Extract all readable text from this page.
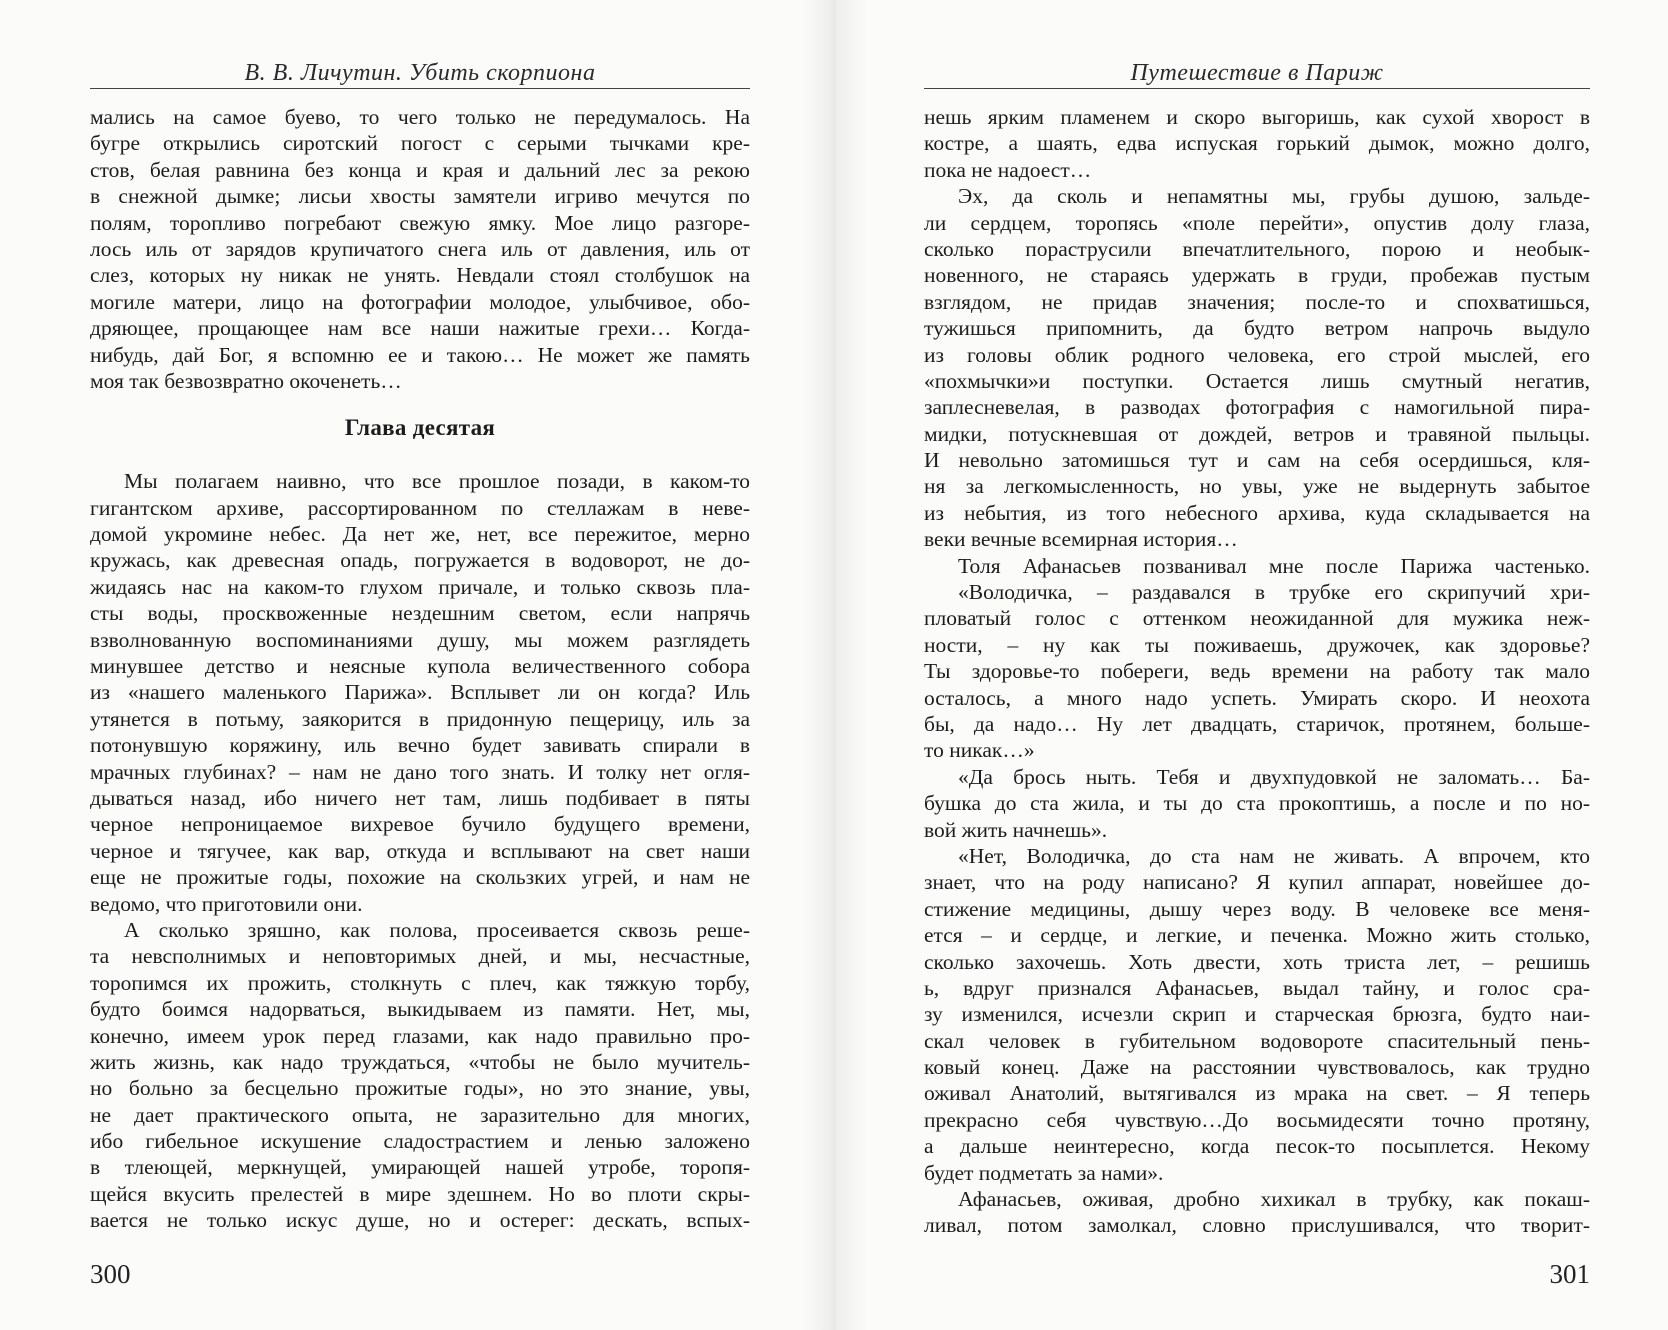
В. В. Личутин. Убить скорпиона
мались на самое буево, то чего только не передумалось. На
бугре открылись сиротский погост с серыми тычками кре-
стов, белая равнина без конца и края и дальний лес за рекою
в снежной дымке; лисьи хвосты замятели игриво мечутся по
полям, торопливо погребают свежую ямку. Мое лицо разгоре-
лось иль от зарядов крупичатого снега иль от давления, иль от
слез, которых ну никак не унять. Невдали стоял столбушок на
могиле матери, лицо на фотографии молодое, улыбчивое, обо-
дряющее, прощающее нам все наши нажитые грехи… Когда-
нибудь, дай Бог, я вспомню ее и такою… Не может же память
моя так безвозвратно окоченеть…
Глава десятая
Мы полагаем наивно, что все прошлое позади, в каком-то
гигантском архиве, рассортированном по стеллажам в неве-
домой укромине небес. Да нет же, нет, все пережитое, мерно
кружась, как древесная опадь, погружается в водоворот, не до-
жидаясь нас на каком-то глухом причале, и только сквозь пла-
сты воды, просквоженные нездешним светом, если напрячь
взволнованную воспоминаниями душу, мы можем разглядеть
минувшее детство и неясные купола величественного собора
из «нашего маленького Парижа». Всплывет ли он когда? Иль
утянется в потьму, заякорится в придонную пещерицу, иль за
потонувшую коряжину, иль вечно будет завивать спирали в
мрачных глубинах? – нам не дано того знать. И толку нет огля-
дываться назад, ибо ничего нет там, лишь подбивает в пяты
черное непроницаемое вихревое бучило будущего времени,
черное и тягучее, как вар, откуда и всплывают на свет наши
еще не прожитые годы, похожие на скользких угрей, и нам не
ведомо, что приготовили они.
А сколько зряшно, как полова, просеивается сквозь реше-
та невсполнимых и неповторимых дней, и мы, несчастные,
торопимся их прожить, столкнуть с плеч, как тяжкую торбу,
будто боимся надорваться, выкидываем из памяти. Нет, мы,
конечно, имеем урок перед глазами, как надо правильно про-
жить жизнь, как надо труждаться, «чтобы не было мучитель-
но больно за бесцельно прожитые годы», но это знание, увы,
не дает практического опыта, не заразительно для многих,
ибо гибельное искушение сладострастием и ленью заложено
в тлеющей, меркнущей, умирающей нашей утробе, торопя-
щейся вкусить прелестей в мире здешнем. Но во плоти скры-
вается не только искус душе, но и остерег: дескать, вспых-
300
Путешествие в Париж
нешь ярким пламенем и скоро выгоришь, как сухой хворост в
костре, а шаять, едва испуская горький дымок, можно долго,
пока не надоест…
Эх, да сколь и непамятны мы, грубы душою, зальде-
ли сердцем, торопясь «поле перейти», опустив долу глаза,
сколько пораструсили впечатлительного, порою и необык-
новенного, не стараясь удержать в груди, пробежав пустым
взглядом, не придав значения; после-то и спохватишься,
тужишься припомнить, да будто ветром напрочь выдуло
из головы облик родного человека, его строй мыслей, его
«похмычки»и поступки. Остается лишь смутный негатив,
заплесневелая, в разводах фотография с намогильной пира-
мидки, потускневшая от дождей, ветров и травяной пыльцы.
И невольно затомишься тут и сам на себя осердишься, кля-
ня за легкомысленность, но увы, уже не выдернуть забытое
из небытия, из того небесного архива, куда складывается на
веки вечные всемирная история…
Толя Афанасьев позванивал мне после Парижа частенько.
«Володичка, – раздавался в трубке его скрипучий хри-
пловатый голос с оттенком неожиданной для мужика неж-
ности, – ну как ты поживаешь, дружочек, как здоровье?
Ты здоровье-то побереги, ведь времени на работу так мало
осталось, а много надо успеть. Умирать скоро. И неохота
бы, да надо… Ну лет двадцать, старичок, протянем, больше-
то никак…»
«Да брось ныть. Тебя и двухпудовкой не заломать… Ба-
бушка до ста жила, и ты до ста прокоптишь, а после и по но-
вой жить начнешь».
«Нет, Володичка, до ста нам не живать. А впрочем, кто
знает, что на роду написано? Я купил аппарат, новейшее до-
стижение медицины, дышу через воду. В человеке все меня-
ется – и сердце, и легкие, и печенка. Можно жить столько,
сколько захочешь. Хоть двести, хоть триста лет, – решишь
ь, вдруг признался Афанасьев, выдал тайну, и голос сра-
зу изменился, исчезли скрип и старческая брюзга, будто наи-
скал человек в губительном водовороте спасительный пень-
ковый конец. Даже на расстоянии чувствовалось, как трудно
оживал Анатолий, вытягивался из мрака на свет. – Я теперь
прекрасно себя чувствую…До восьмидесяти точно протяну,
а дальше неинтересно, когда песок-то посыплется. Некому
будет подметать за нами».
Афанасьев, оживая, дробно хихикал в трубку, как покаш-
ливал, потом замолкал, словно прислушивался, что творит-
301
